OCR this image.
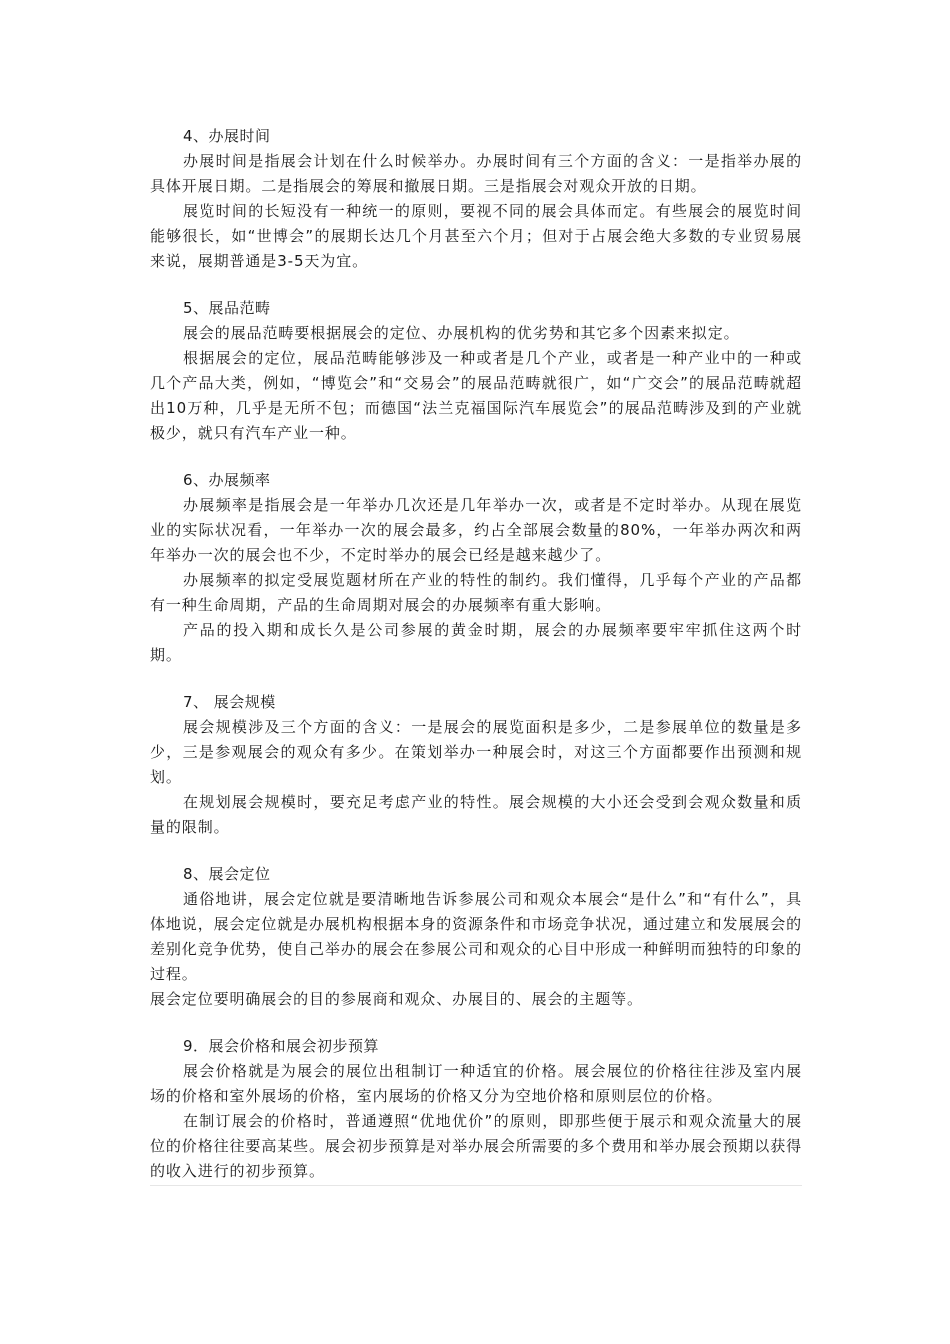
4、办展时间

办展时间是指展会计划在什么时候举办。办展时间有三个方面的含义：一是指举办展的具体开展日期。二是指展会的筹展和撤展日期。三是指展会对观众开放的日期。

展览时间的长短没有一种统一的原则，要视不同的展会具体而定。有些展会的展览时间能够很长，如“世博会”的展期长达几个月甚至六个月；但对于占展会绝大多数的专业贸易展来说，展期普通是3-5天为宜。

5、展品范畴

展会的展品范畴要根据展会的定位、办展机构的优劣势和其它多个因素来拟定。

根据展会的定位，展品范畴能够涉及一种或者是几个产业，或者是一种产业中的一种或几个产品大类，例如，“博览会”和“交易会”的展品范畴就很广，如“广交会”的展品范畴就超出10万种，几乎是无所不包；而德国“法兰克福国际汽车展览会”的展品范畴涉及到的产业就极少，就只有汽车产业一种。

6、办展频率

办展频率是指展会是一年举办几次还是几年举办一次，或者是不定时举办。从现在展览业的实际状况看，一年举办一次的展会最多，约占全部展会数量的80%，一年举办两次和两年举办一次的展会也不少，不定时举办的展会已经是越来越少了。

办展频率的拟定受展览题材所在产业的特性的制约。我们懂得，几乎每个产业的产品都有一种生命周期，产品的生命周期对展会的办展频率有重大影响。

产品的投入期和成长久是公司参展的黄金时期，展会的办展频率要牢牢抓住这两个时期。

7、 展会规模

展会规模涉及三个方面的含义：一是展会的展览面积是多少，二是参展单位的数量是多少，三是参观展会的观众有多少。在策划举办一种展会时，对这三个方面都要作出预测和规划。

在规划展会规模时，要充足考虑产业的特性。展会规模的大小还会受到会观众数量和质量的限制。

8、展会定位

通俗地讲，展会定位就是要清晰地告诉参展公司和观众本展会“是什么”和“有什么”，具体地说，展会定位就是办展机构根据本身的资源条件和市场竞争状况，通过建立和发展展会的差别化竞争优势，使自己举办的展会在参展公司和观众的心目中形成一种鲜明而独特的印象的过程。

展会定位要明确展会的目的参展商和观众、办展目的、展会的主题等。

9．展会价格和展会初步预算

展会价格就是为展会的展位出租制订一种适宜的价格。展会展位的价格往往涉及室内展场的价格和室外展场的价格，室内展场的价格又分为空地价格和原则层位的价格。

在制订展会的价格时，普通遵照“优地优价”的原则，即那些便于展示和观众流量大的展位的价格往往要高某些。展会初步预算是对举办展会所需要的多个费用和举办展会预期以获得的收入进行的初步预算。
